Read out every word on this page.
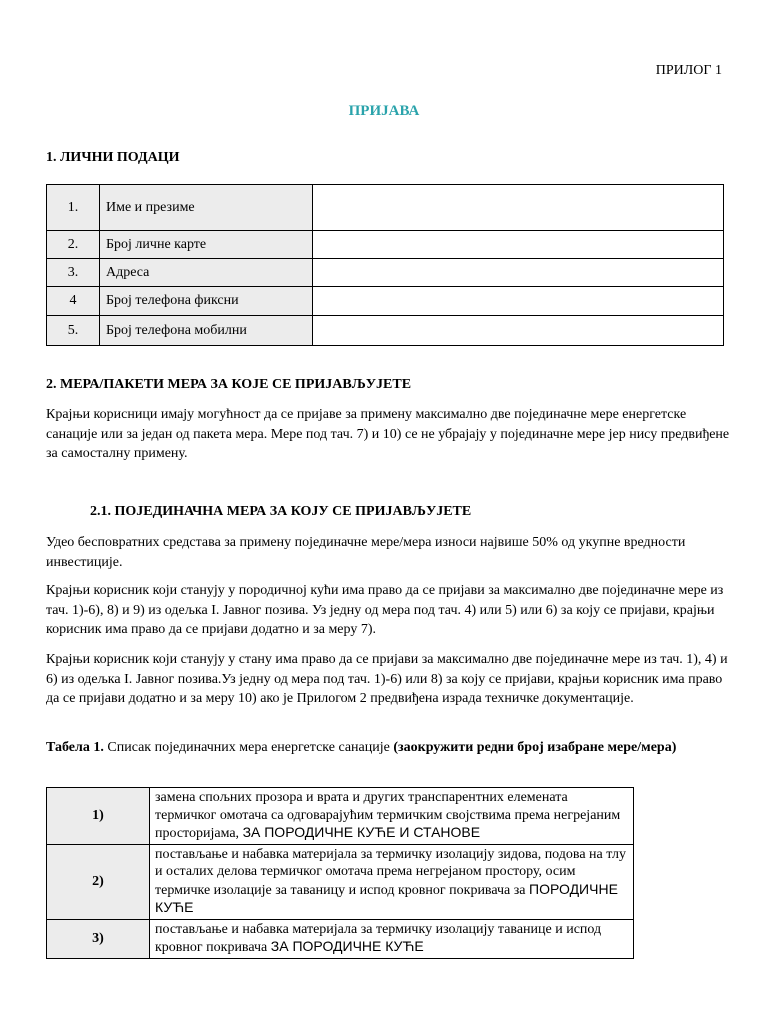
ПРИЛОГ 1
ПРИЈАВА
1. ЛИЧНИ ПОДАЦИ
1.	Име и презиме	
2.	Број личне карте	
3.	Адреса	
4	Број телефона фиксни	
5.	Број телефона мобилни	
2. МЕРА/ПАКЕТИ МЕРА ЗА КОЈЕ СЕ ПРИЈАВЉУЈЕТЕ
Крајњи корисници имају могућност да се пријаве за примену максимално две појединачне мере енергетске санације или за један од пакета мера. Мере под тач. 7) и 10) се не убрајају у појединачне мере јер нису предвиђене за самосталну примену.
2.1. ПОЈЕДИНАЧНА МЕРА ЗА КОЈУ СЕ ПРИЈАВЉУЈЕТЕ
Удео бесповратних средстава за примену појединачне мере/мера износи највише 50% од укупне вредности инвестиције.
Крајњи корисник који станују у породичној кући има право да се пријави за максимално две појединачне мере из тач. 1)-6), 8) и 9) из одељка I. Јавног позива. Уз једну од мера под тач. 4) или 5) или 6) за коју се пријави, крајњи корисник има право да се пријави додатно и за меру 7).
Крајњи корисник који станују у стану има право да се пријави за максимално две појединачне мере из тач. 1), 4) и 6) из одељка I. Јавног позива.Уз једну од мера под тач. 1)-6) или 8) за коју се пријави, крајњи корисник има право да се пријави додатно и за меру 10) ако је Прилогом 2 предвиђена израда техничке документације.
Табела 1. Списак појединачних мера енергетске санације (заокружити редни број изабране мере/мера)
1)	замена спољних прозора и врата и других транспарентних елемената термичког омотача са одговарајућим термичким својствима према негрејаним просторијама, ЗА ПОРОДИЧНЕ КУЋЕ И СТАНОВЕ
2)	постављање и набавка материјала за термичку изолацију зидова, подова на тлу и осталих делова термичког омотача према негрејаном простору, осим термичке изолације за таваницу и испод кровног покривача за ПОРОДИЧНЕ КУЋЕ
3)	постављање и набавка материјала за термичку изолацију таванице и испод кровног покривача ЗА ПОРОДИЧНЕ КУЋЕ
